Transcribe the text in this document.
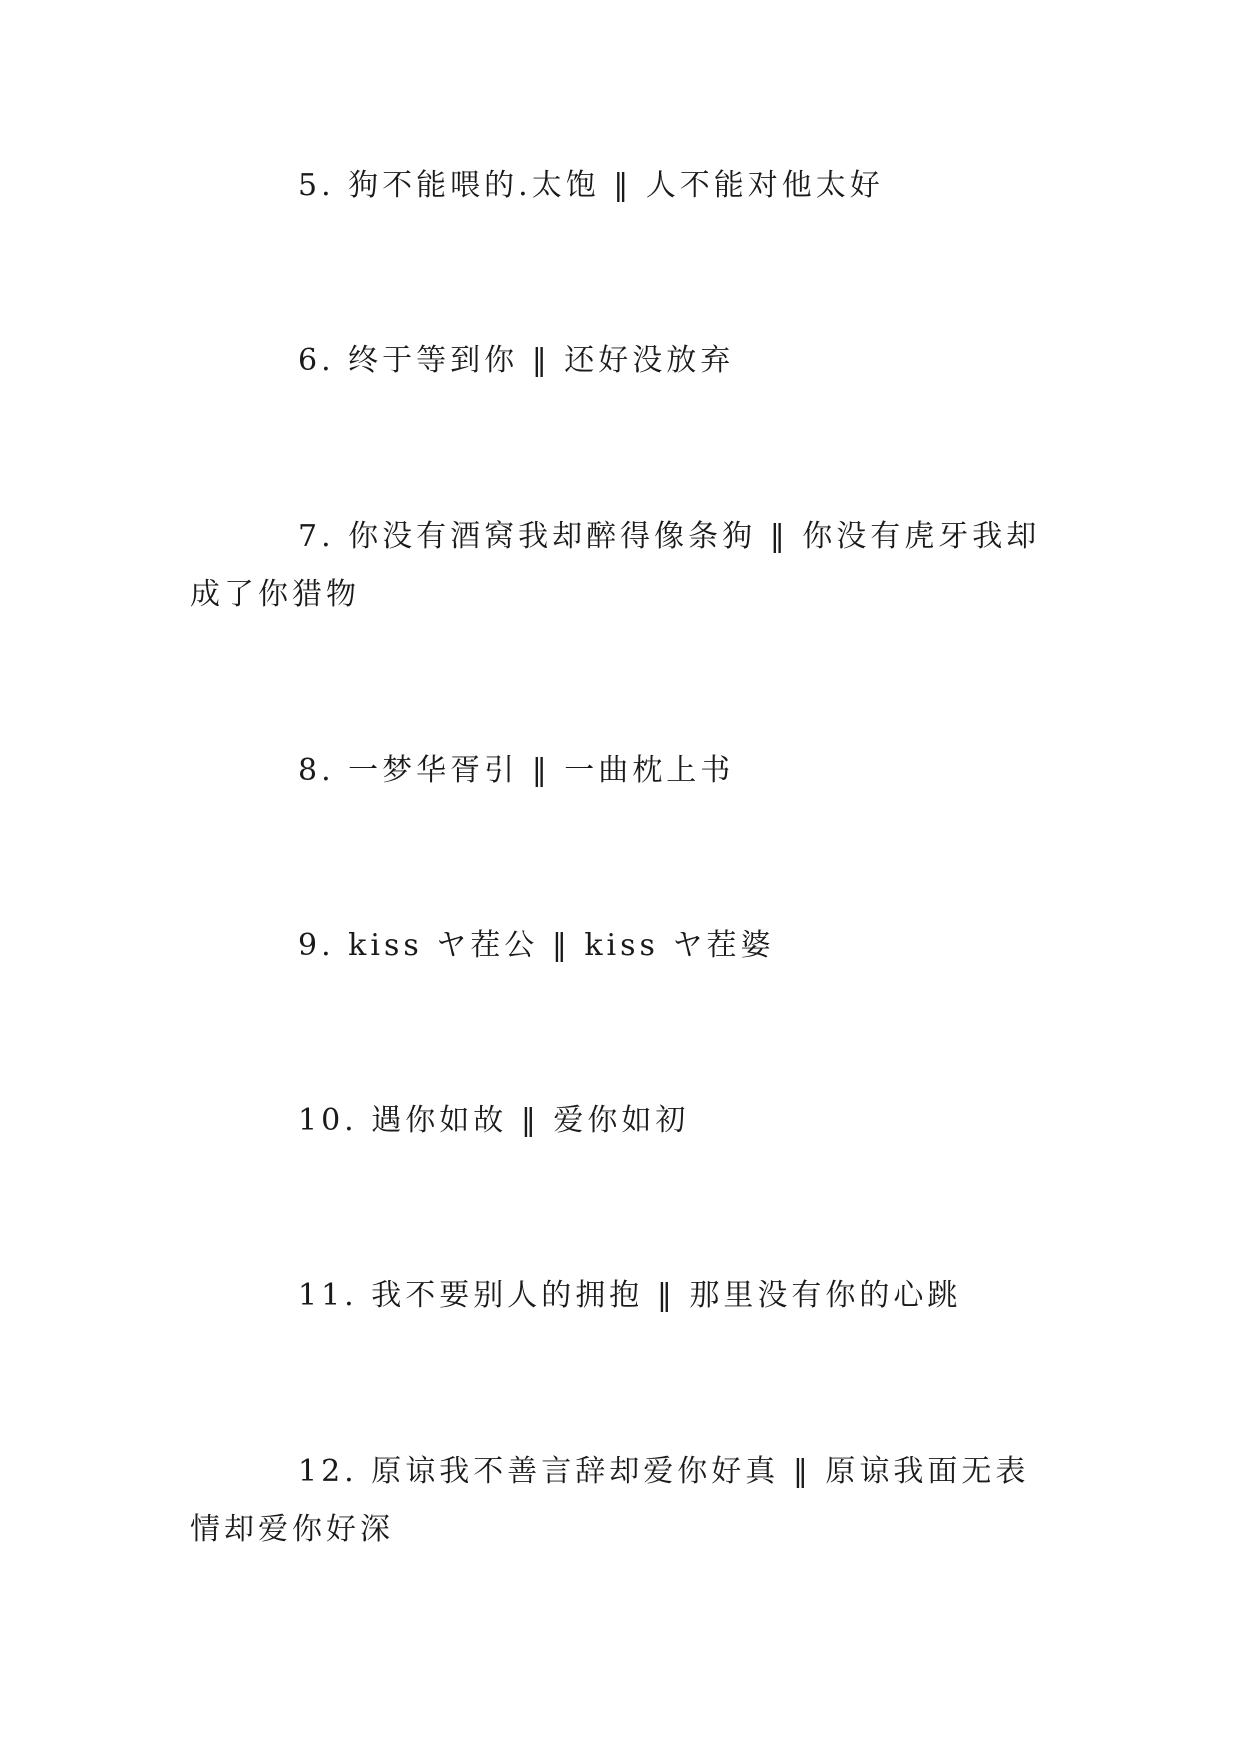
5. 狗不能喂的.太饱 ‖ 人不能对他太好

6. 终于等到你 ‖ 还好没放弃

7. 你没有酒窝我却醉得像条狗 ‖ 你没有虎牙我却成了你猎物

8. 一梦华胥引 ‖ 一曲枕上书

9. kiss ヤ茬公 ‖ kiss ヤ茬婆

10. 遇你如故 ‖ 爱你如初

11. 我不要别人的拥抱 ‖ 那里没有你的心跳

12. 原谅我不善言辞却爱你好真 ‖ 原谅我面无表情却爱你好深
